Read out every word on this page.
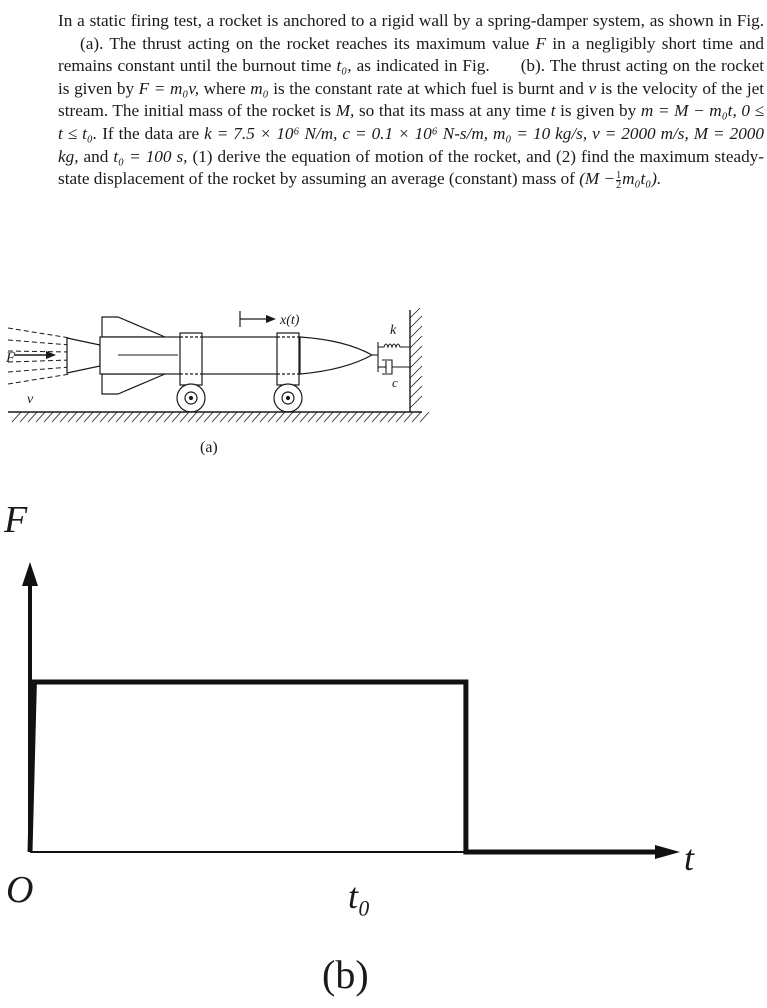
In a static firing test, a rocket is anchored to a rigid wall by a spring-damper system, as shown in Fig. (a). The thrust acting on the rocket reaches its maximum value F in a negligibly short time and remains constant until the burnout time t₀, as indicated in Fig. (b). The thrust acting on the rocket is given by F = m₀v, where m₀ is the constant rate at which fuel is burnt and v is the velocity of the jet stream. The initial mass of the rocket is M, so that its mass at any time t is given by m = M − m₀t, 0 ≤ t ≤ t₀. If the data are k = 7.5 × 10⁶ N/m, c = 0.1 × 10⁶ N-s/m, m₀ = 10 kg/s, v = 2000 m/s, M = 2000 kg, and t₀ = 100 s, (1) derive the equation of motion of the rocket, and (2) find the maximum steady-state displacement of the rocket by assuming an average (constant) mass of $(M - \frac{1}{2} m_0t_0)$.

F
v
x(t)
k
c
(a)
F
t
O	t₀
(b)
